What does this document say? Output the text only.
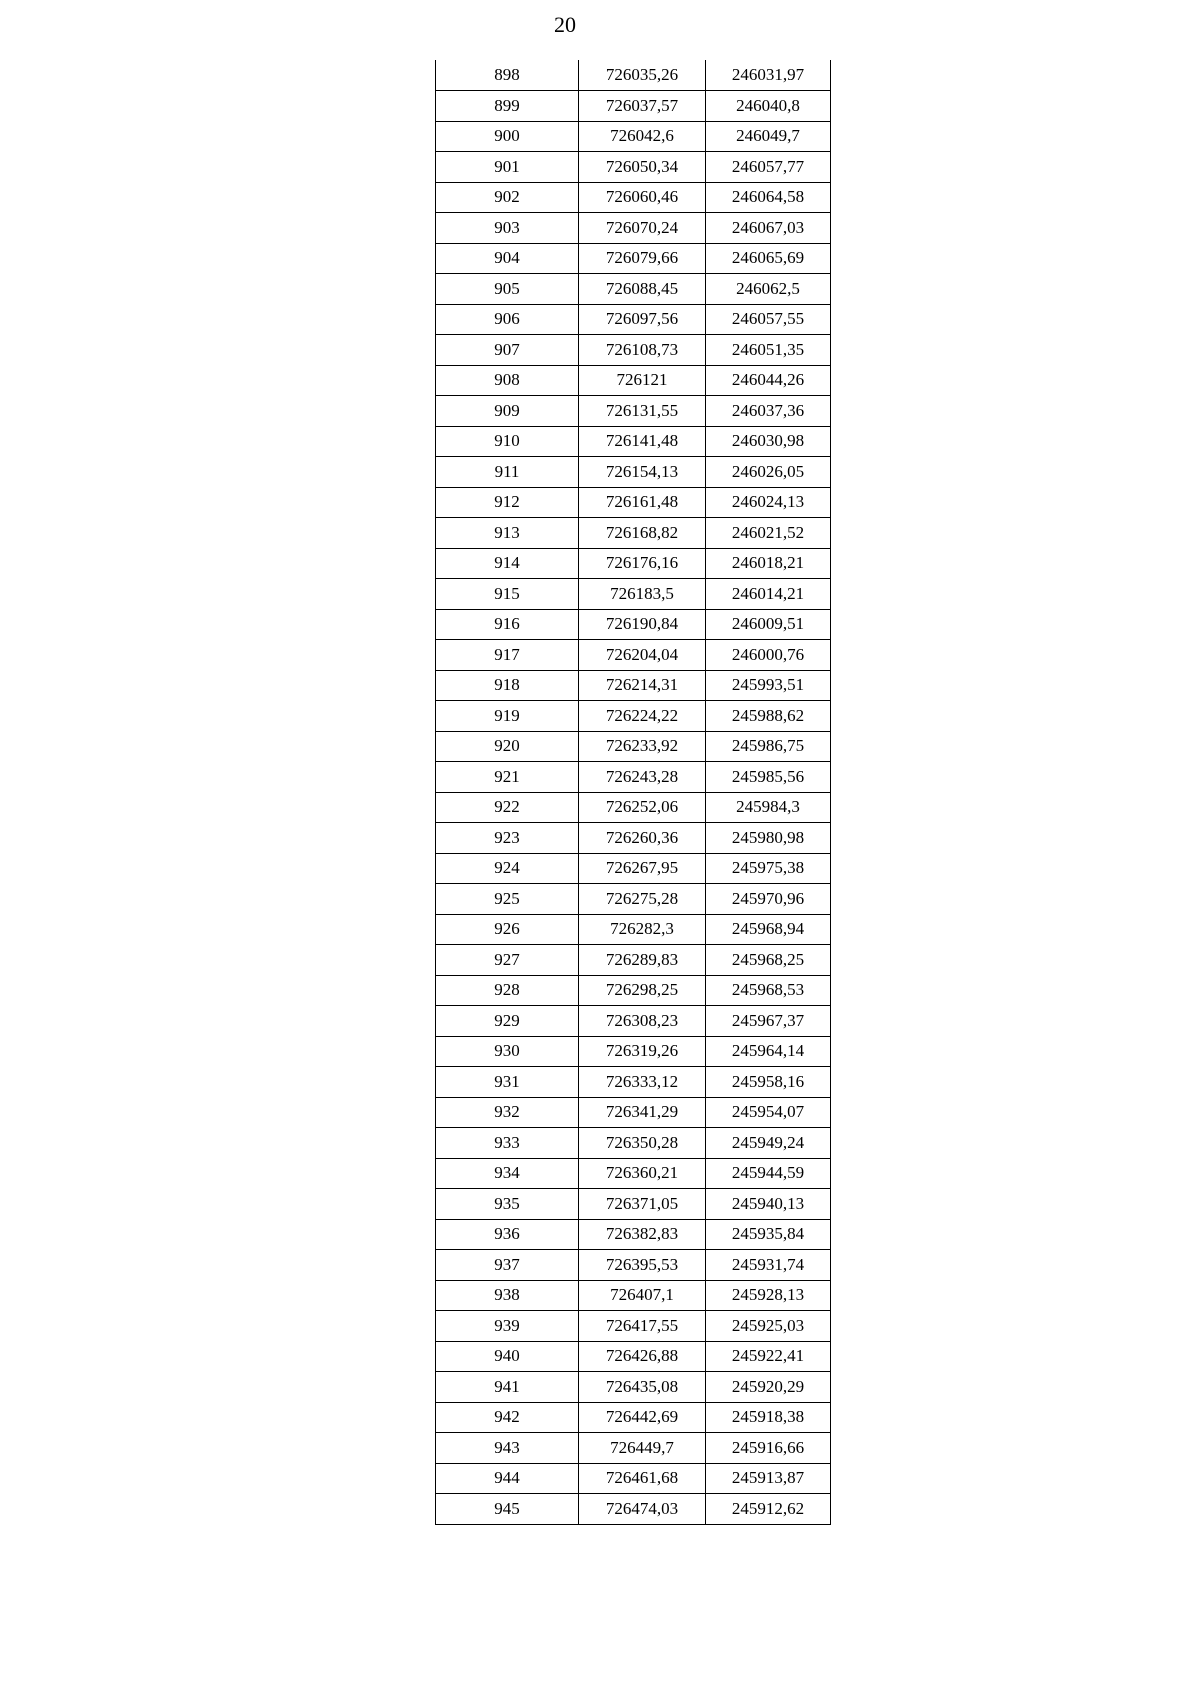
20
898	726035,26	246031,97
899	726037,57	246040,8
900	726042,6	246049,7
901	726050,34	246057,77
902	726060,46	246064,58
903	726070,24	246067,03
904	726079,66	246065,69
905	726088,45	246062,5
906	726097,56	246057,55
907	726108,73	246051,35
908	726121	246044,26
909	726131,55	246037,36
910	726141,48	246030,98
911	726154,13	246026,05
912	726161,48	246024,13
913	726168,82	246021,52
914	726176,16	246018,21
915	726183,5	246014,21
916	726190,84	246009,51
917	726204,04	246000,76
918	726214,31	245993,51
919	726224,22	245988,62
920	726233,92	245986,75
921	726243,28	245985,56
922	726252,06	245984,3
923	726260,36	245980,98
924	726267,95	245975,38
925	726275,28	245970,96
926	726282,3	245968,94
927	726289,83	245968,25
928	726298,25	245968,53
929	726308,23	245967,37
930	726319,26	245964,14
931	726333,12	245958,16
932	726341,29	245954,07
933	726350,28	245949,24
934	726360,21	245944,59
935	726371,05	245940,13
936	726382,83	245935,84
937	726395,53	245931,74
938	726407,1	245928,13
939	726417,55	245925,03
940	726426,88	245922,41
941	726435,08	245920,29
942	726442,69	245918,38
943	726449,7	245916,66
944	726461,68	245913,87
945	726474,03	245912,62
